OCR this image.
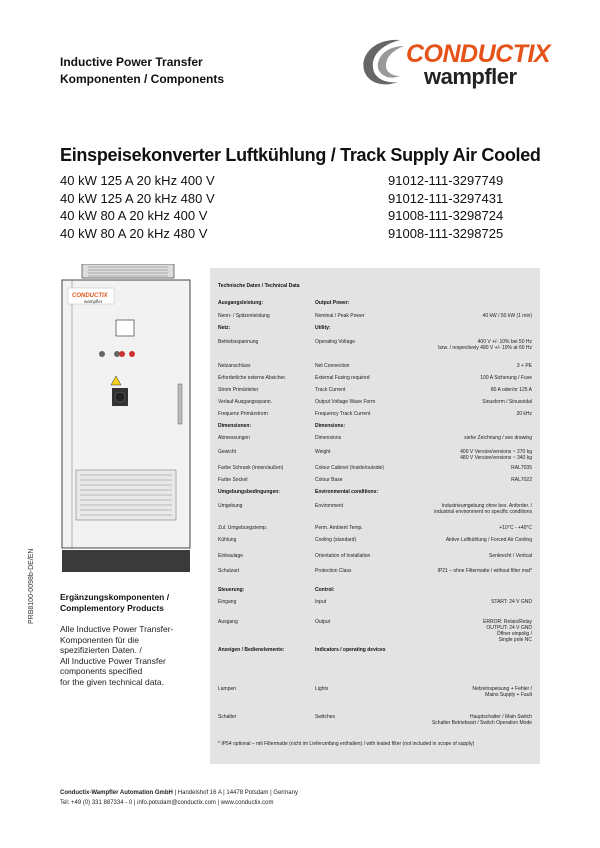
Inductive Power Transfer
Komponenten / Components
CONDUCTIX
wampfler
Einspeisekonverter Luftkühlung / Track Supply Air Cooled
40 kW 125 A 20 kHz 400 V	91012-111-3297749
40 kW 125 A 20 kHz 480 V	91012-111-3297431
40 kW 80 A 20 kHz 400 V	91008-111-3298724
40 kW 80 A 20 kHz 480 V	91008-111-3298725
CONDUCTIX
wampfler
PRB8100-0098b-DE/EN	Ergänzungskomponenten /
Complementory Products
Alle Inductive Power Transfer-
Komponenten für die
spezifizierten Daten. /
All Inductive Power Transfer
components specified
for the given technical data.
Technische Daten / Technical Data
Ausgangsleistung:	Output Power:
Nenn- / Spitzenleistung	Nominal / Peak Power	40 kW / 50 kW (1 min)
Netz:	Utility:
Betriebsspannung	Operating Voltage	400 V +/- 10% bei 50 Hz
bzw. / respectively 480 V +/- 10% at 60 Hz
Netzanschluss	Net Connection	3 + PE
Erforderliche externe Absicher.	External Fusing required	100 A Sicherung / Fuse
Strom Primärleiter	Track Current	80 A oder/or 125 A
Verlauf Ausgangsspann.	Output Voltage Wave Form	Sinusform / Sinusoidal
Frequenz Primärstrom	Frequency Track Current	20 kHz
Dimensionen:	Dimensions:
Abmessungen	Dimensions	siehe Zeichnung / see drawing
Gewicht	Weight	400 V Version/versions ~ 270 kg
480 V Version/versions ~ 340 kg
Farbe Schrank (innen/außen)	Colour Cabinet (Inside/outside)	RAL7035
Farbe Sockel	Colour Base	RAL7022
Umgebungsbedingungen:	Environmental conditions:
Umgebung	Environment	Industrieumgebung ohne bes. Anforder. /
industrial environment no specific conditions
Zul. Umgebungstemp.	Perm. Ambient Temp.	+10°C - +40°C
Kühlung	Cooling (standard)	Aktive Luftkühlung / Forced Air Cooling
Einbaulage	Orientation of Installation	Senkrecht / Vertical
Schutzart	Protection Class	IP21 – ohne Filtermatte / without filter mat*
Steuerung:	Control:
Eingang	Input	START: 24 V GND
Ausgang	Output	ERROR: Relais/Relay
OUTPUT: 24 V GND
Öffner einpolig /
Single pole NC
Anzeigen / Bedienelemente:	Indicators / operating devices
Lampen	Lights	Netzeinspeisung + Fehler /
Mains Supply + Fault
Schalter	Switches	Hauptschalter / Main Switch
Schalter Betriebsart / Switch Operation Mode
* IP54 optional – mit Filtermatte (nicht im Lieferumfang enthalten) / with leated filter (not included in scope of supply)
Conductix-Wampfler Automation GmbH | Handelshof 16 A | 14478 Potsdam | Germany
Tel: +49 (0) 331 887334 - 0 | info.potsdam@conductix.com | www.conductix.com
